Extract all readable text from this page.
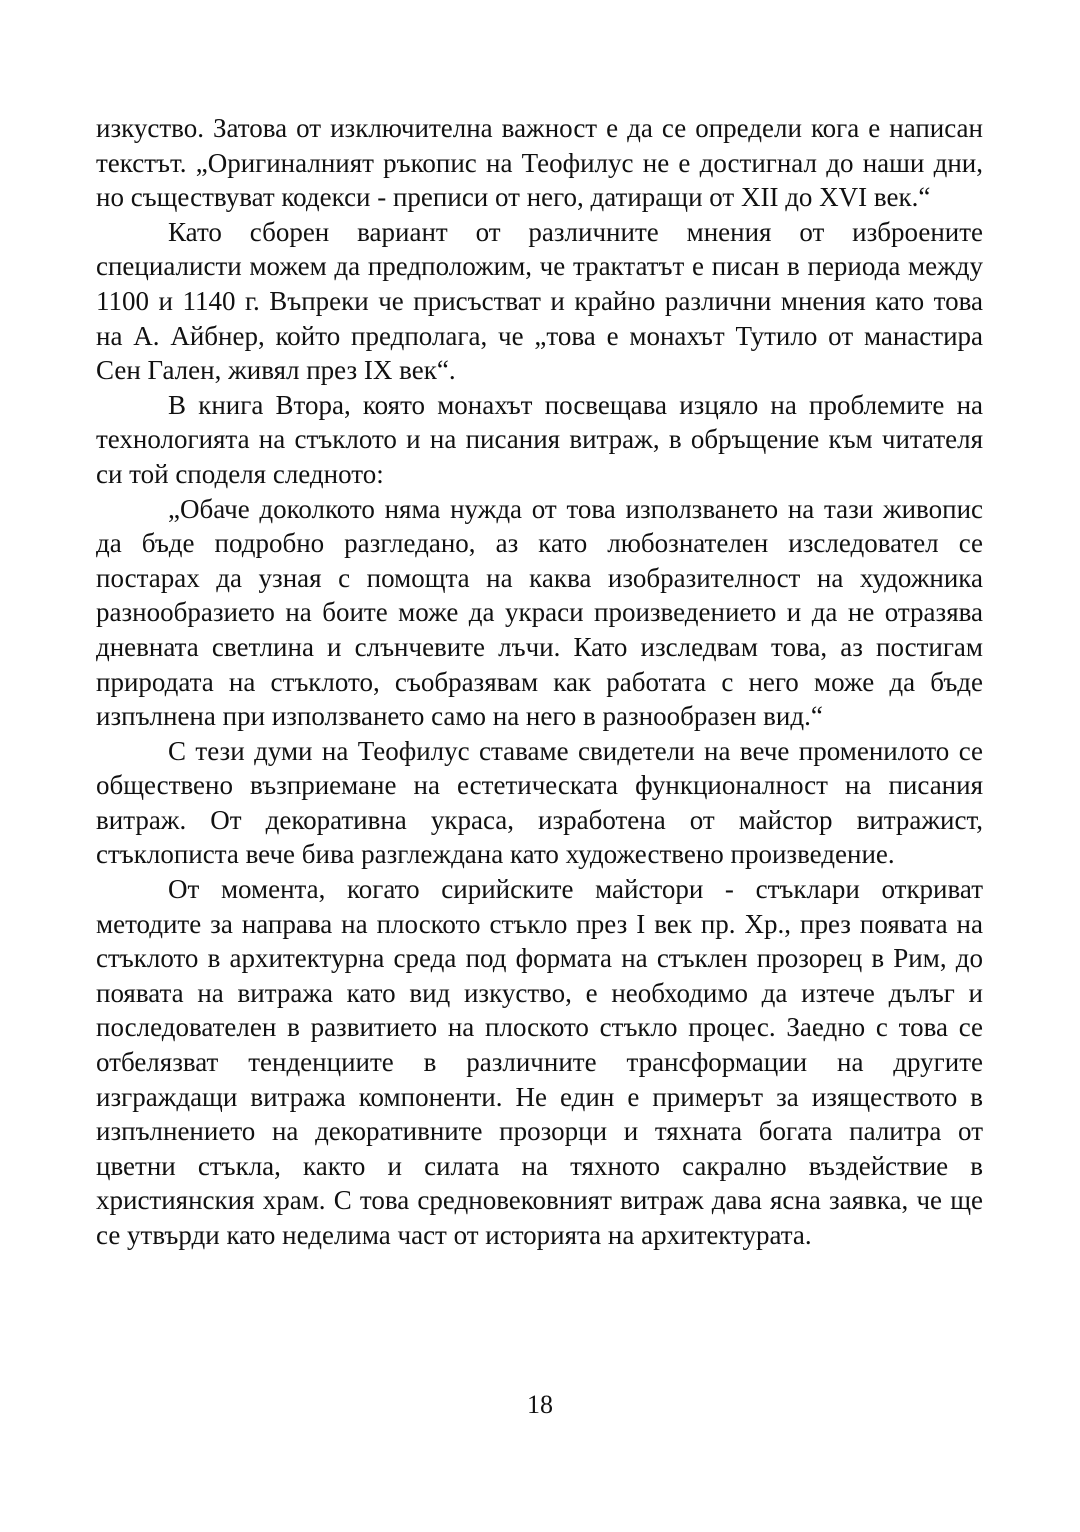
изкуство. Затова от изключителна важност е да се определи кога е написан текстът. „Оригиналният ръкопис на Теофилус не е достигнал до наши дни, но съществуват кодекси - преписи от него, датиращи от XII до XVI век.“

Като сборен вариант от различните мнения от изброените специалисти можем да предположим, че трактатът е писан в периода между 1100 и 1140 г. Въпреки че присъстват и крайно различни мнения като това на А. Айбнер, който предполага, че „това е монахът Тутило от манастира Сен Гален, живял през IX век“.

В книга Втора, която монахът посвещава изцяло на проблемите на технологията на стъклото и на писания витраж, в обръщение към читателя си той споделя следното:

„Обаче доколкото няма нужда от това използването на тази живопис да бъде подробно разгледано, аз като любознателен изследовател се постарах да узная с помощта на каква изобразителност на художника разнообразието на боите може да украси произведението и да не отразява дневната светлина и слънчевите лъчи. Като изследвам това, аз постигам природата на стъклото, съобразявам как работата с него може да бъде изпълнена при използването само на него в разнообразен вид.“

С тези думи на Теофилус ставаме свидетели на вече променилото се обществено възприемане на естетическата функционалност на писания витраж. От декоративна украса, изработена от майстор витражист, стъклописта вече бива разглеждана като художествено произведение.

От момента, когато сирийските майстори - стъклари откриват методите за направа на плоското стъкло през I век пр. Хр., през появата на стъклото в архитектурна среда под формата на стъклен прозорец в Рим, до появата на витража като вид изкуство, е необходимо да изтече дълъг и последователен в развитието на плоското стъкло процес. Заедно с това се отбелязват тенденциите в различните трансформации на другите изграждащи витража компоненти. Не един е примерът за изяществото в изпълнението на декоративните прозорци и тяхната богата палитра от цветни стъкла, както и силата на тяхното сакрално въздействие в християнския храм. С това средновековният витраж дава ясна заявка, че ще се утвърди като неделима част от историята на архитектурата.

18
